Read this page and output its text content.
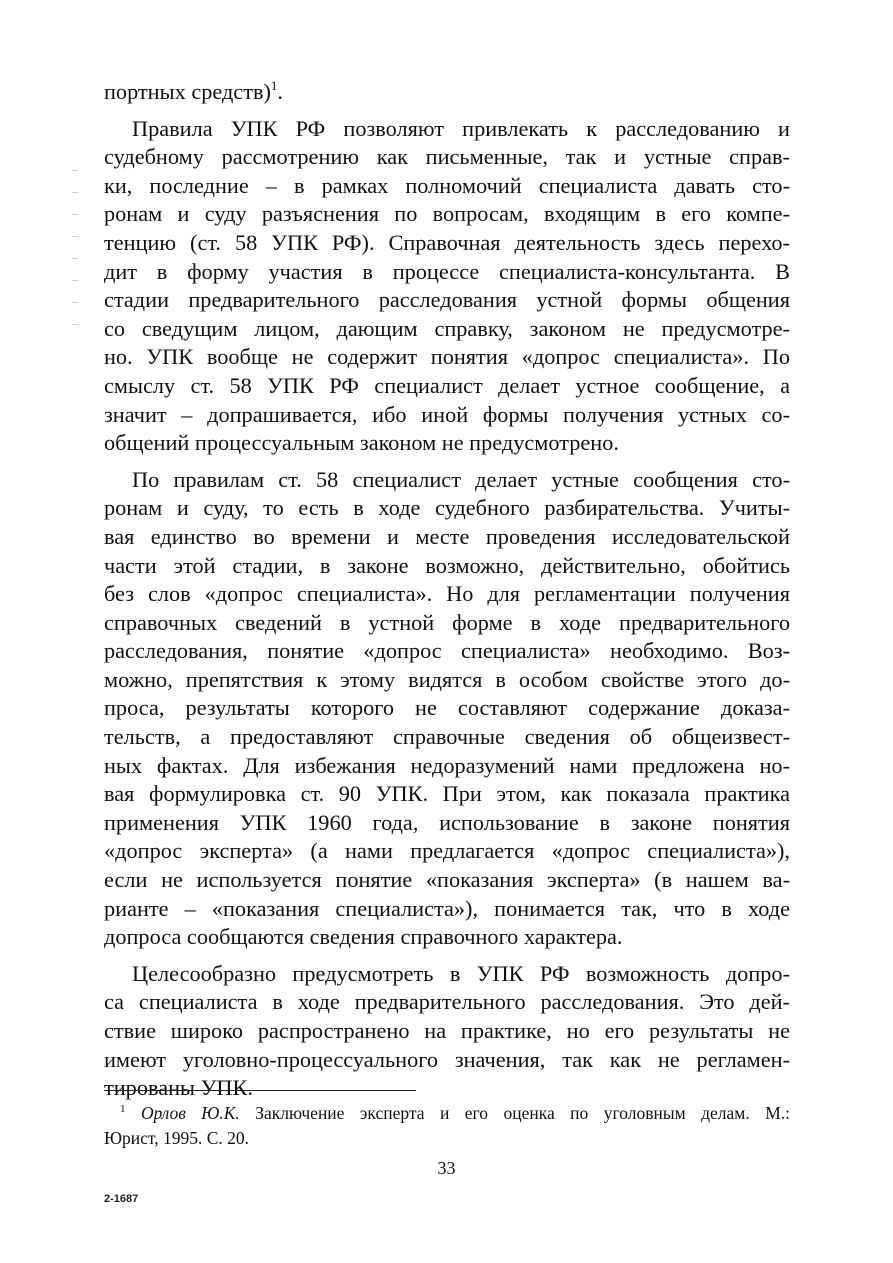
портных средств)$^1$.
Правила УПК РФ позволяют привлекать к расследованию и
судебному рассмотрению как письменные, так и устные справ-
ки, последние – в рамках полномочий специалиста давать сто-
ронам и суду разъяснения по вопросам, входящим в его компе-
тенцию (ст. 58 УПК РФ). Справочная деятельность здесь перехо-
дит в форму участия в процессе специалиста-консультанта. В
стадии предварительного расследования устной формы общения
со сведущим лицом, дающим справку, законом не предусмотре-
но. УПК вообще не содержит понятия «допрос специалиста». По
смыслу ст. 58 УПК РФ специалист делает устное сообщение, а
значит – допрашивается, ибо иной формы получения устных со-
общений процессуальным законом не предусмотрено.
По правилам ст. 58 специалист делает устные сообщения сто-
ронам и суду, то есть в ходе судебного разбирательства. Учиты-
вая единство во времени и месте проведения исследовательской
части этой стадии, в законе возможно, действительно, обойтись
без слов «допрос специалиста». Но для регламентации получения
справочных сведений в устной форме в ходе предварительного
расследования, понятие «допрос специалиста» необходимо. Воз-
можно, препятствия к этому видятся в особом свойстве этого до-
проса, результаты которого не составляют содержание доказа-
тельств, а предоставляют справочные сведения об общеизвест-
ных фактах. Для избежания недоразумений нами предложена но-
вая формулировка ст. 90 УПК. При этом, как показала практика
применения УПК 1960 года, использование в законе понятия
«допрос эксперта» (а нами предлагается «допрос специалиста»),
если не используется понятие «показания эксперта» (в нашем ва-
рианте – «показания специалиста»), понимается так, что в ходе
допроса сообщаются сведения справочного характера.
Целесообразно предусмотреть в УПК РФ возможность допро-
са специалиста в ходе предварительного расследования. Это дей-
ствие широко распространено на практике, но его результаты не
имеют уголовно-процессуального значения, так как не регламен-
тированы УПК.
$^1$ Орлов Ю.К. Заключение эксперта и его оценка по уголовным делам. М.:
Юрист, 1995. С. 20.
33
2-1687
